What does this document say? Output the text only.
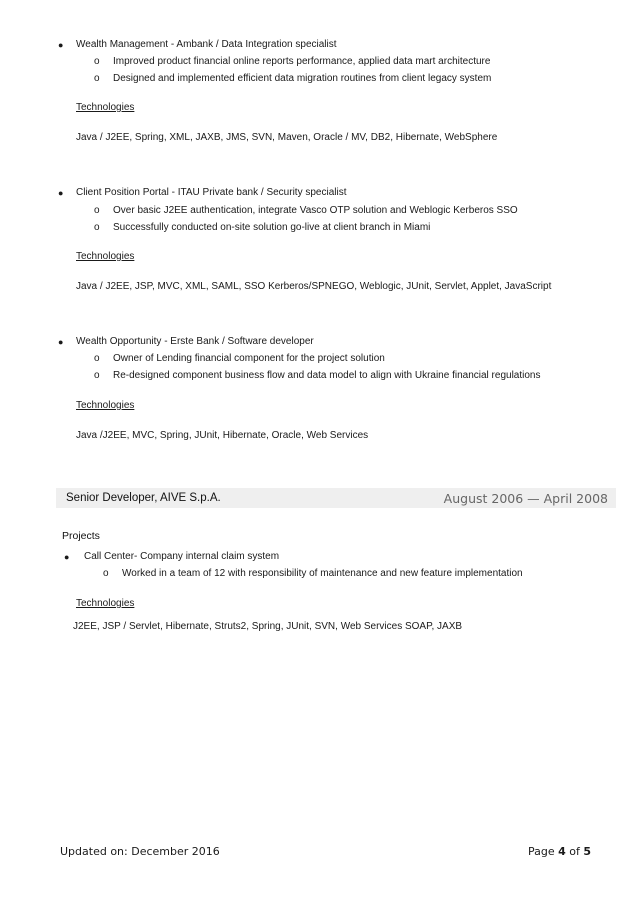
● Wealth Management - Ambank / Data Integration specialist
o Improved product financial online reports performance, applied data mart architecture
o Designed and implemented efficient data migration routines from client legacy system
Technologies
Java / J2EE, Spring, XML, JAXB, JMS, SVN, Maven, Oracle / MV, DB2, Hibernate, WebSphere
● Client Position Portal - ITAU Private bank / Security specialist
o Over basic J2EE authentication, integrate Vasco OTP solution and Weblogic Kerberos SSO
o Successfully conducted on-site solution go-live at client branch in Miami
Technologies
Java / J2EE, JSP, MVC, XML, SAML, SSO Kerberos/SPNEGO, Weblogic, JUnit, Servlet, Applet, JavaScript
● Wealth Opportunity - Erste Bank / Software developer
o Owner of Lending financial component for the project solution
o Re-designed component business flow and data model to align with Ukraine financial regulations
Technologies
Java /J2EE, MVC, Spring, JUnit, Hibernate, Oracle, Web Services
Senior Developer, AIVE S.p.A.	August 2006 — April 2008
Projects
● Call Center- Company internal claim system
o Worked in a team of 12 with responsibility of maintenance and new feature implementation
Technologies
J2EE, JSP / Servlet, Hibernate, Struts2, Spring, JUnit, SVN, Web Services SOAP, JAXB
Updated on: December 2016	Page 4 of 5
